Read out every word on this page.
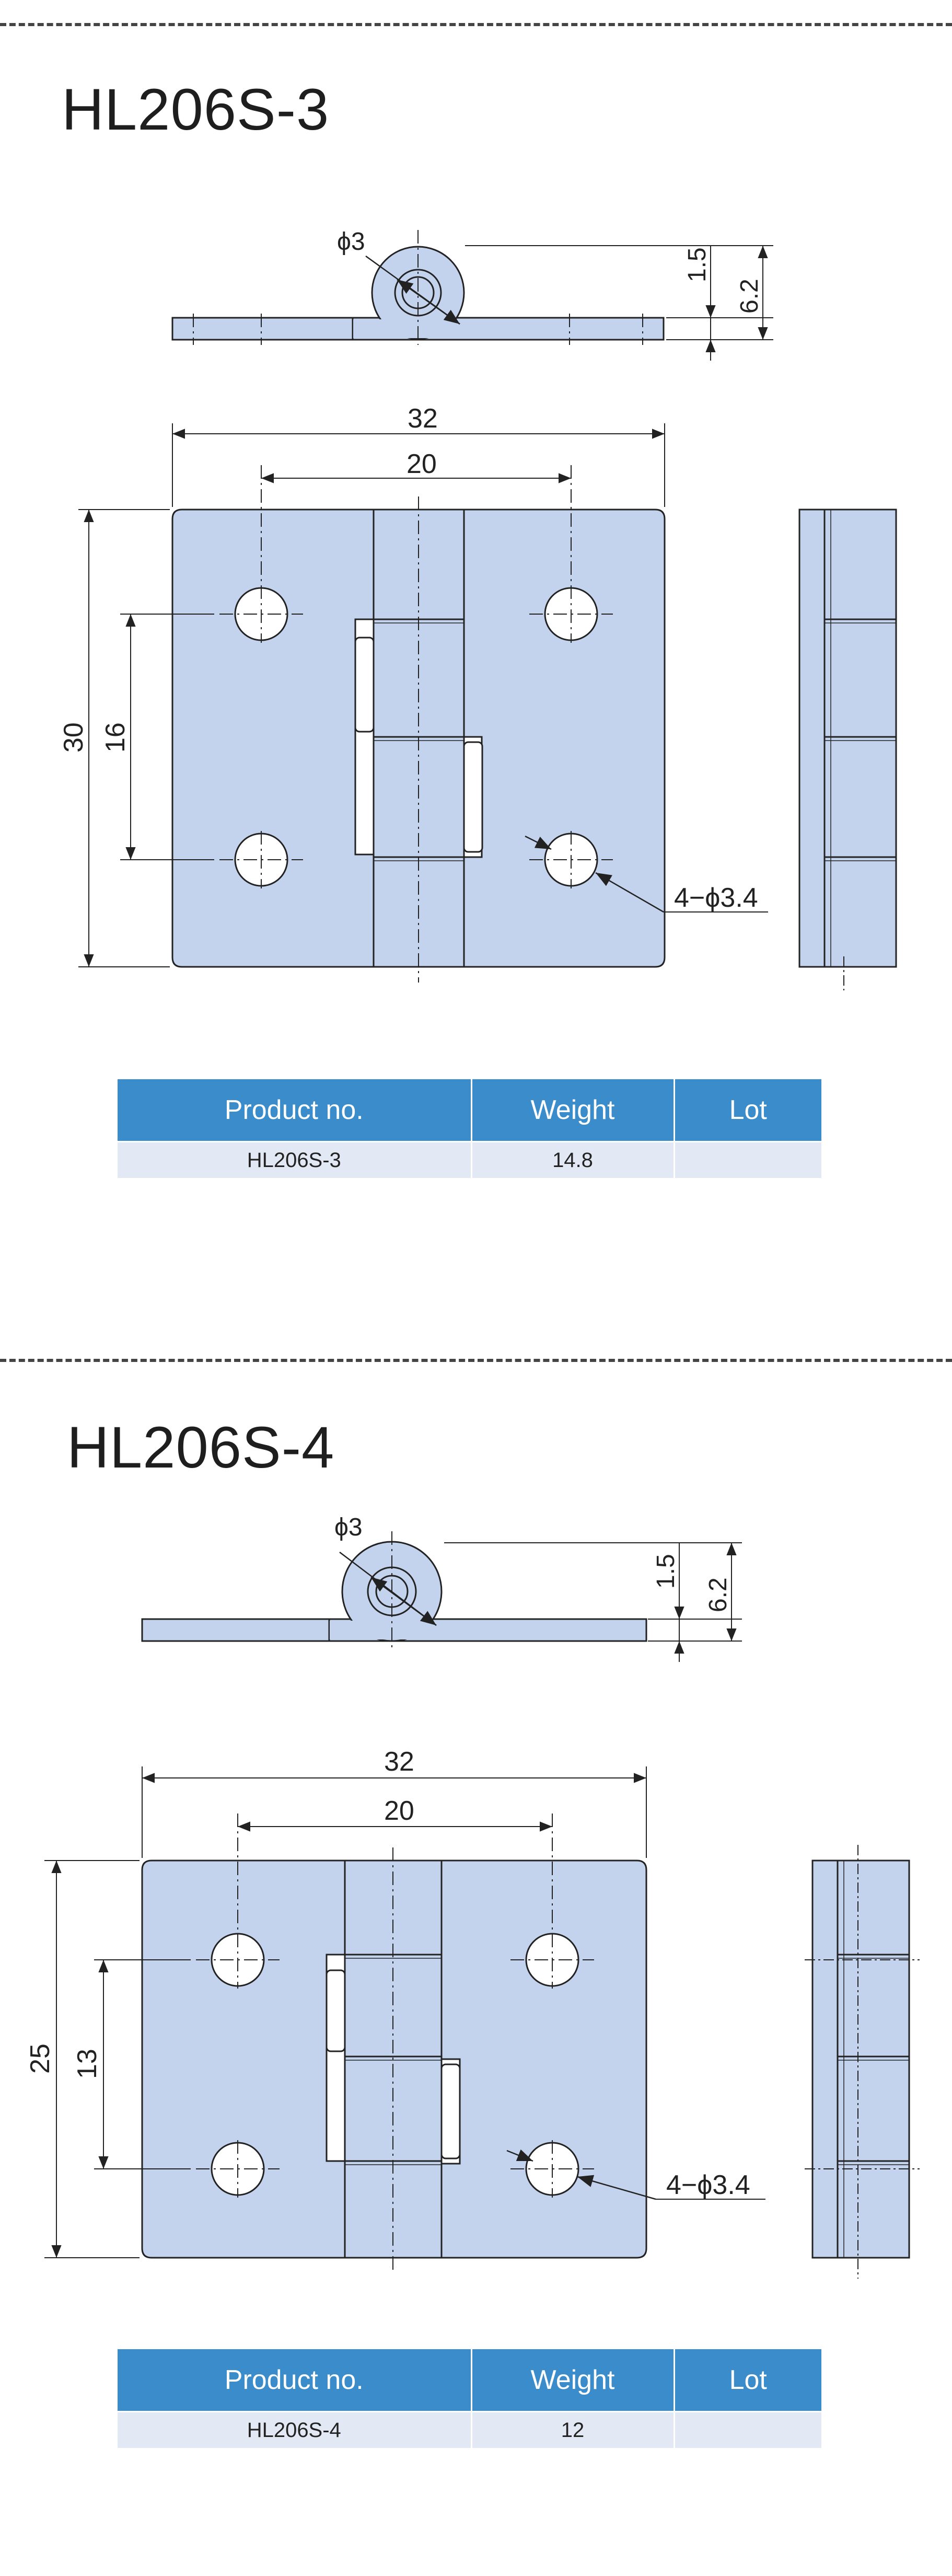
HL206S-3
ϕ3
1.5
6.2
32
20
30 16
4−ϕ3.4
Product no.	Weight	Lot
HL206S-3	14.8	
HL206S-4
ϕ3
1.5
6.2
32
20
25 13
4−ϕ3.4
Product no.	Weight	Lot
HL206S-4	12	
